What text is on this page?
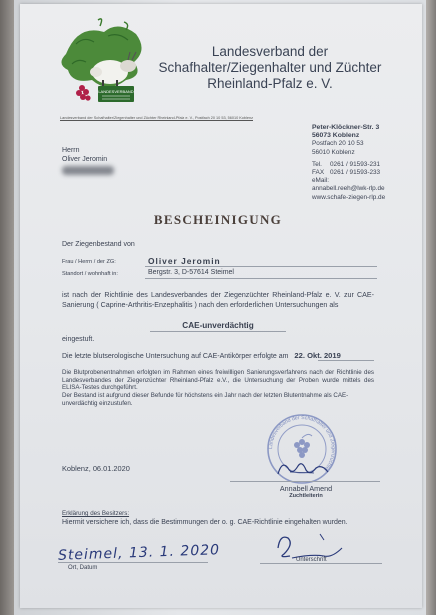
LANDESVERBAND
Landesverband der
Schafhalter/Ziegenhalter und Züchter
Rheinland-Pfalz e. V.
Landesverband der Schafhalter/Ziegenhalter und Züchter Rheinland-Pfalz e. V., Postfach 20 10 53, 56010 Koblenz
Herrn
Oliver Jeromin
Peter-Klöckner-Str. 3
56073 Koblenz
Postfach 20 10 53
56010 Koblenz
Tel. 0261 / 91593-231
FAX 0261 / 91593-233
eMail:
annabell.reeh@lwk-rlp.de
www.schafe-ziegen-rlp.de
BESCHEINIGUNG
Der Ziegenbestand von
Frau / Herrn / der ZG:	Oliver Jeromin
Standort / wohnhaft in:	Bergstr. 3, D-57614 Steimel
ist nach der Richtlinie des Landesverbandes der Ziegenzüchter Rheinland-Pfalz e. V. zur CAE-Sanierung ( Caprine-Arthritis-Enzephalitis ) nach den erforderlichen Untersuchungen als
CAE-unverdächtig
eingestuft.
Die letzte blutserologische Untersuchung auf CAE-Antikörper erfolgte am 22. Okt. 2019
Die Blutprobenentnahmen erfolgten im Rahmen eines freiwilligen Sanierungsverfahrens nach der Richtlinie des Landesverbandes der Ziegenzüchter Rheinland-Pfalz e.V., die Untersuchung der Proben wurde mittels des ELISA-Testes durchgeführt.
Der Bestand ist aufgrund dieser Befunde für höchstens ein Jahr nach der letzten Blutentnahme als CAE-unverdächtig einzustufen.
Landesverband der Schafhalter und Ziegenzüchter
Koblenz, 06.01.2020
Annabell Amend
Zuchtleiterin
Erklärung des Besitzers:
Hiermit versichere ich, dass die Bestimmungen der o. g. CAE-Richtlinie eingehalten wurden.
Steimel, 13. 1. 2020
Ort, Datum
Unterschrift
